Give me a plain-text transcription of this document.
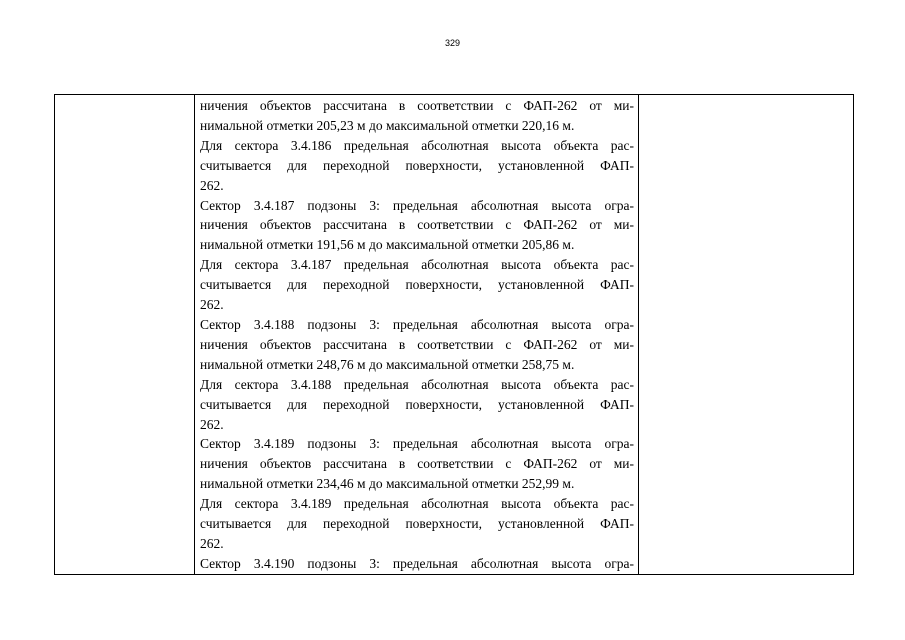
329

ничения объектов рассчитана в соответствии с ФАП-262 от ми-
нимальной отметки 205,23 м до максимальной отметки 220,16 м.
Для сектора 3.4.186 предельная абсолютная высота объекта рас-
считывается для переходной поверхности, установленной ФАП-
262.
Сектор 3.4.187 подзоны 3: предельная абсолютная высота огра-
ничения объектов рассчитана в соответствии с ФАП-262 от ми-
нимальной отметки 191,56 м до максимальной отметки 205,86 м.
Для сектора 3.4.187 предельная абсолютная высота объекта рас-
считывается для переходной поверхности, установленной ФАП-
262.
Сектор 3.4.188 подзоны 3: предельная абсолютная высота огра-
ничения объектов рассчитана в соответствии с ФАП-262 от ми-
нимальной отметки 248,76 м до максимальной отметки 258,75 м.
Для сектора 3.4.188 предельная абсолютная высота объекта рас-
считывается для переходной поверхности, установленной ФАП-
262.
Сектор 3.4.189 подзоны 3: предельная абсолютная высота огра-
ничения объектов рассчитана в соответствии с ФАП-262 от ми-
нимальной отметки 234,46 м до максимальной отметки 252,99 м.
Для сектора 3.4.189 предельная абсолютная высота объекта рас-
считывается для переходной поверхности, установленной ФАП-
262.
Сектор 3.4.190 подзоны 3: предельная абсолютная высота огра-
